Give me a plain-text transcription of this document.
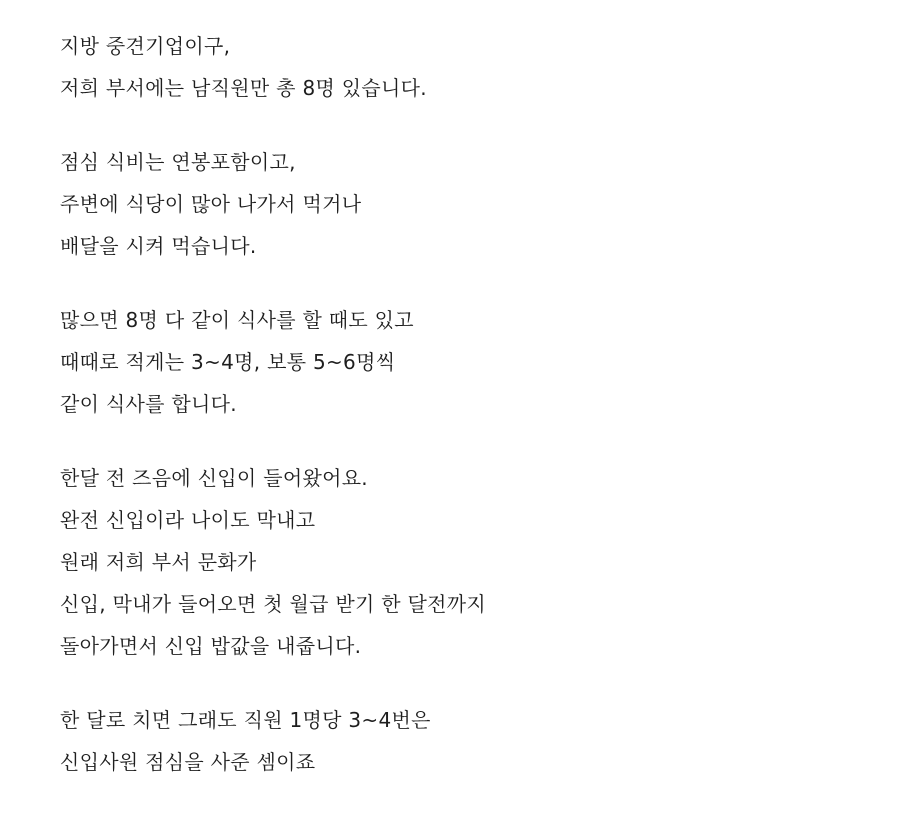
지방 중견기업이구,
저희 부서에는 남직원만 총 8명 있습니다.
점심 식비는 연봉포함이고,
주변에 식당이 많아 나가서 먹거나
배달을 시켜 먹습니다.
많으면 8명 다 같이 식사를 할 때도 있고
때때로 적게는 3~4명, 보통 5~6명씩
같이 식사를 합니다.
한달 전 즈음에 신입이 들어왔어요.
완전 신입이라 나이도 막내고
원래 저희 부서 문화가
신입, 막내가 들어오면 첫 월급 받기 한 달전까지
돌아가면서 신입 밥값을 내줍니다.
한 달로 치면 그래도 직원 1명당 3~4번은
신입사원 점심을 사준 셈이죠
